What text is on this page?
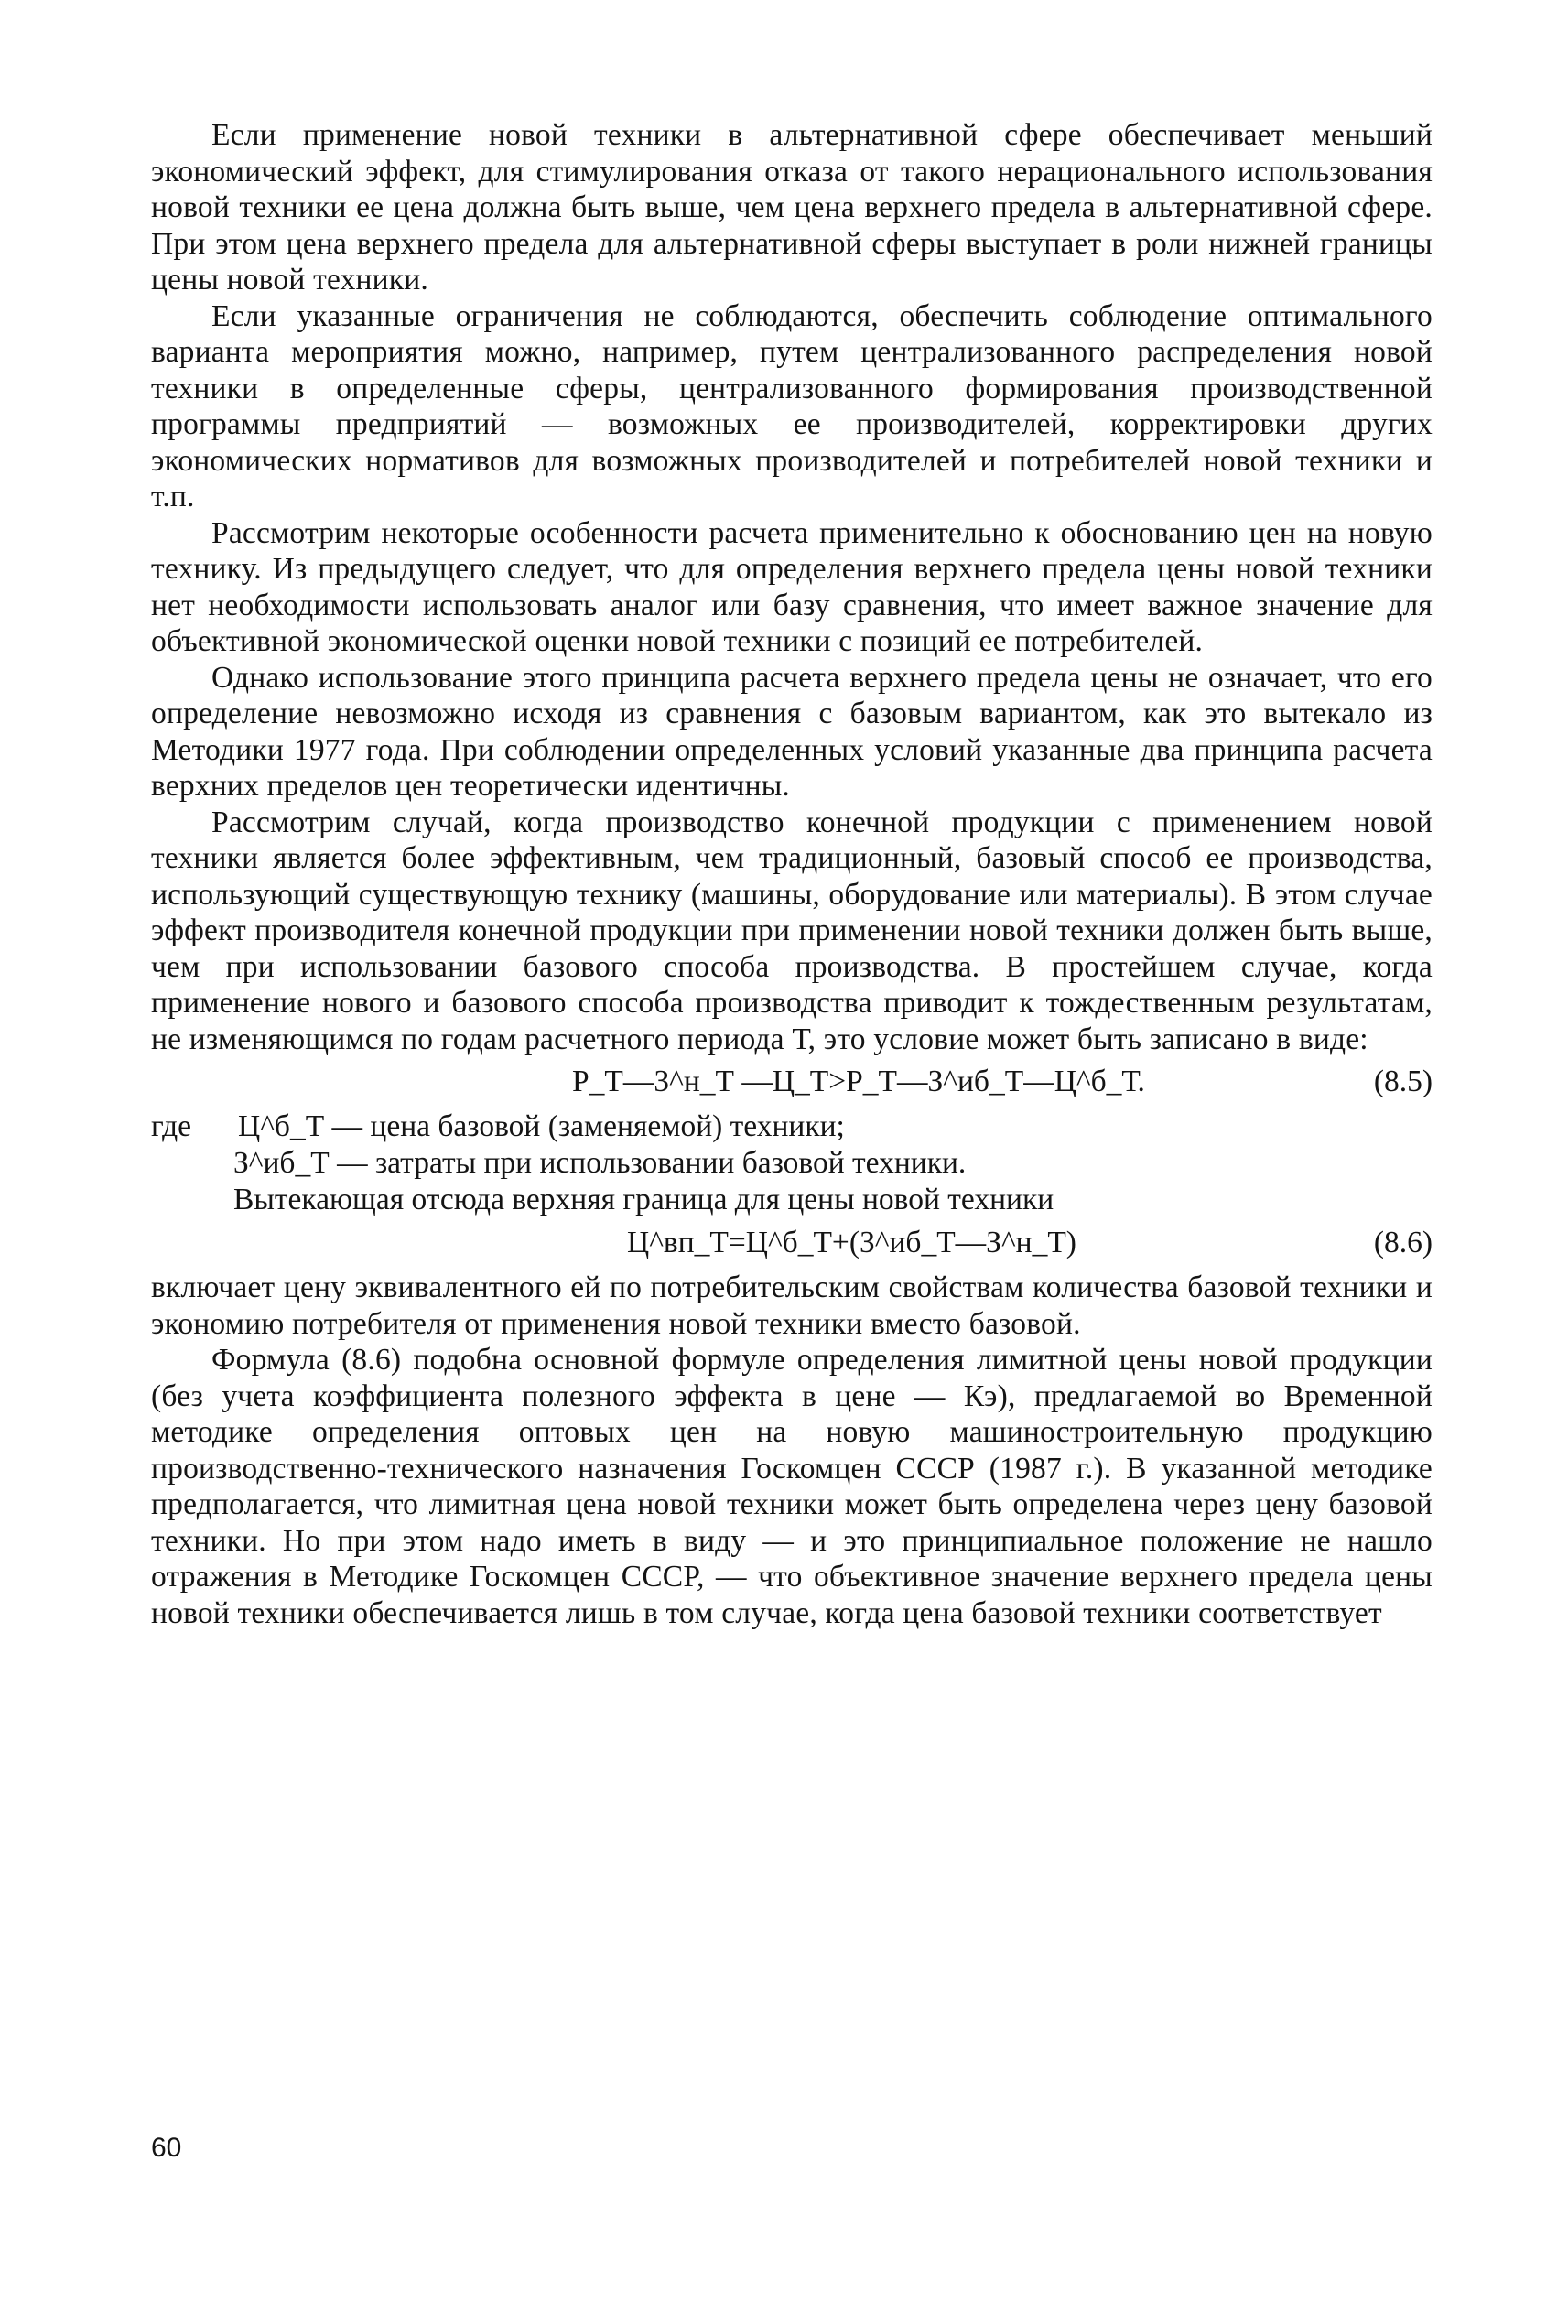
Если применение новой техники в альтернативной сфере обеспечивает меньший экономический эффект, для стимулирования отказа от такого нерационального использования новой техники ее цена должна быть выше, чем цена верхнего предела в альтернативной сфере. При этом цена верхнего предела для альтернативной сферы выступает в роли нижней границы цены новой техники.

Если указанные ограничения не соблюдаются, обеспечить соблюдение оптимального варианта мероприятия можно, например, путем централизованного распределения новой техники в определенные сферы, централизованного формирования производственной программы предприятий — возможных ее производителей, корректировки других экономических нормативов для возможных производителей и потребителей новой техники и т.п.

Рассмотрим некоторые особенности расчета применительно к обоснованию цен на новую технику. Из предыдущего следует, что для определения верхнего предела цены новой техники нет необходимости использовать аналог или базу сравнения, что имеет важное значение для объективной экономической оценки новой техники с позиций ее потребителей.

Однако использование этого принципа расчета верхнего предела цены не означает, что его определение невозможно исходя из сравнения с базовым вариантом, как это вытекало из Методики 1977 года. При соблюдении определенных условий указанные два принципа расчета верхних пределов цен теоретически идентичны.

Рассмотрим случай, когда производство конечной продукции с применением новой техники является более эффективным, чем традиционный, базовый способ ее производства, использующий существующую технику (машины, оборудование или материалы). В этом случае эффект производителя конечной продукции при применении новой техники должен быть выше, чем при использовании базового способа производства. В простейшем случае, когда применение нового и базового способа производства приводит к тождественным результатам, не изменяющимся по годам расчетного периода Т, это условие может быть записано в виде:

Р_Т—З^н_Т —Ц_Т>Р_Т—З^иб_Т—Ц^б_Т.	(8.5)
где Ц^б_Т — цена базовой (заменяемой) техники;
З^иб_Т — затраты при использовании базовой техники.
Вытекающая отсюда верхняя граница для цены новой техники
Ц^вп_Т=Ц^б_Т+(З^иб_Т—З^н_Т)	(8.6)

включает цену эквивалентного ей по потребительским свойствам количества базовой техники и экономию потребителя от применения новой техники вместо базовой.

Формула (8.6) подобна основной формуле определения лимитной цены новой продукции (без учета коэффициента полезного эффекта в цене — Кэ), предлагаемой во Временной методике определения оптовых цен на новую машиностроительную продукцию производственно-технического назначения Госкомцен СССР (1987 г.). В указанной методике предполагается, что лимитная цена новой техники может быть определена через цену базовой техники. Но при этом надо иметь в виду — и это принципиальное положение не нашло отражения в Методике Госкомцен СССР, — что объективное значение верхнего предела цены новой техники обеспечивается лишь в том случае, когда цена базовой техники соответствует

60
